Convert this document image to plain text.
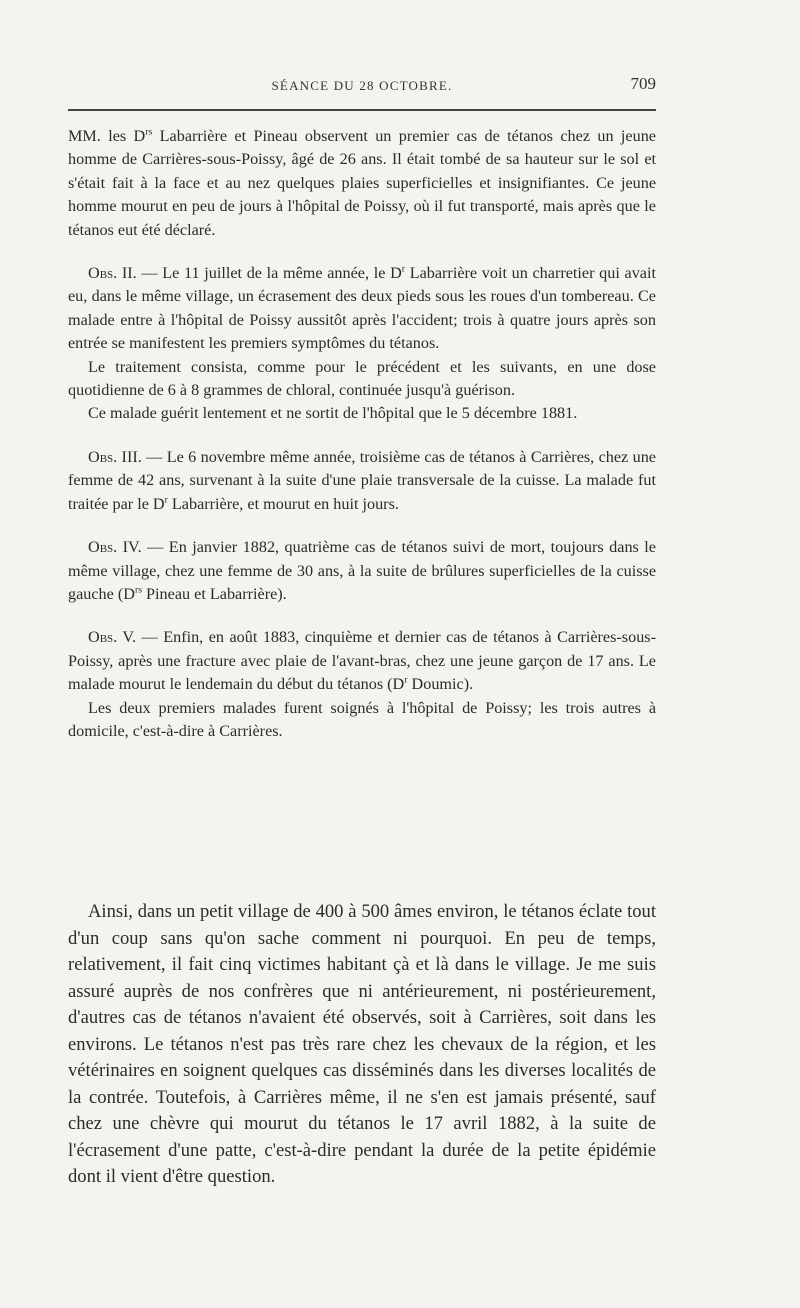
SÉANCE DU 28 OCTOBRE.	709

MM. les $D^{rs}$ Labarrière et Pineau observent un premier cas de tétanos chez un jeune homme de Carrières-sous-Poissy, âgé de 26 ans. Il était tombé de sa hauteur sur le sol et s'était fait à la face et au nez quelques plaies superficielles et insignifiantes. Ce jeune homme mourut en peu de jours à l'hôpital de Poissy, où il fut transporté, mais après que le tétanos eut été déclaré.

Obs. II. — Le 11 juillet de la même année, le $D^r$ Labarrière voit un charretier qui avait eu, dans le même village, un écrasement des deux pieds sous les roues d'un tombereau. Ce malade entre à l'hôpital de Poissy aussitôt après l'accident; trois à quatre jours après son entrée se manifestent les premiers symptômes du tétanos.

Le traitement consista, comme pour le précédent et les suivants, en une dose quotidienne de 6 à 8 grammes de chloral, continuée jusqu'à guérison.

Ce malade guérit lentement et ne sortit de l'hôpital que le 5 décembre 1881.

Obs. III. — Le 6 novembre même année, troisième cas de tétanos à Carrières, chez une femme de 42 ans, survenant à la suite d'une plaie transversale de la cuisse. La malade fut traitée par le $D^r$ Labarrière, et mourut en huit jours.

Obs. IV. — En janvier 1882, quatrième cas de tétanos suivi de mort, toujours dans le même village, chez une femme de 30 ans, à la suite de brûlures superficielles de la cuisse gauche ($D^{rs}$ Pineau et Labarrière).

Obs. V. — Enfin, en août 1883, cinquième et dernier cas de tétanos à Carrières-sous-Poissy, après une fracture avec plaie de l'avant-bras, chez une jeune garçon de 17 ans. Le malade mourut le lendemain du début du tétanos ($D^r$ Doumic).

Les deux premiers malades furent soignés à l'hôpital de Poissy; les trois autres à domicile, c'est-à-dire à Carrières.

Ainsi, dans un petit village de 400 à 500 âmes environ, le tétanos éclate tout d'un coup sans qu'on sache comment ni pourquoi. En peu de temps, relativement, il fait cinq victimes habitant çà et là dans le village. Je me suis assuré auprès de nos confrères que ni antérieurement, ni postérieurement, d'autres cas de tétanos n'avaient été observés, soit à Carrières, soit dans les environs. Le tétanos n'est pas très rare chez les chevaux de la région, et les vétérinaires en soignent quelques cas disséminés dans les diverses localités de la contrée. Toutefois, à Carrières même, il ne s'en est jamais présenté, sauf chez une chèvre qui mourut du tétanos le 17 avril 1882, à la suite de l'écrasement d'une patte, c'est-à-dire pendant la durée de la petite épidémie dont il vient d'être question.
